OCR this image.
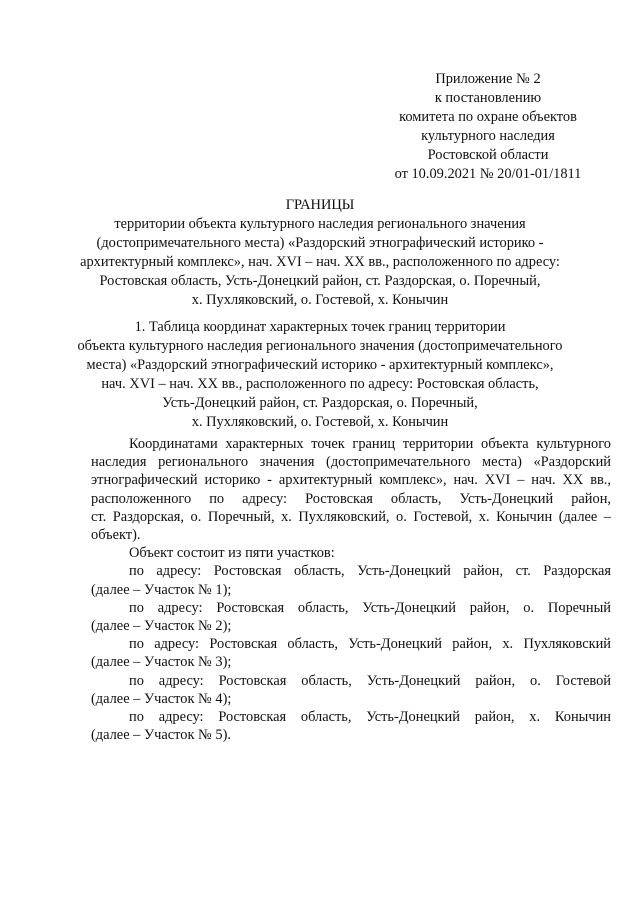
Приложение № 2
к постановлению
комитета по охране объектов
культурного наследия
Ростовской области
от 10.09.2021 № 20/01-01/1811
ГРАНИЦЫ
территории объекта культурного наследия регионального значения
(достопримечательного места) «Раздорский этнографический историко -
архитектурный комплекс», нач. XVI – нач. XX вв., расположенного по адресу:
Ростовская область, Усть-Донецкий район, ст. Раздорская, о. Поречный,
х. Пухляковский, о. Гостевой, х. Конычин
1. Таблица координат характерных точек границ территории
объекта культурного наследия регионального значения (достопримечательного
места) «Раздорский этнографический историко - архитектурный комплекс»,
нач. XVI – нач. XX вв., расположенного по адресу: Ростовская область,
Усть-Донецкий район, ст. Раздорская, о. Поречный,
х. Пухляковский, о. Гостевой, х. Конычин

Координатами характерных точек границ территории объекта культурного
наследия регионального значения (достопримечательного места) «Раздорский
этнографический историко - архитектурный комплекс», нач. XVI – нач. XX вв.,
расположенного по адресу: Ростовская область, Усть-Донецкий район,
ст. Раздорская, о. Поречный, х. Пухляковский, о. Гостевой, х. Конычин (далее –
объект).

Объект состоит из пяти участков:

по адресу: Ростовская область, Усть-Донецкий район, ст. Раздорская
(далее – Участок № 1);

по адресу: Ростовская область, Усть-Донецкий район, о. Поречный
(далее – Участок № 2);

по адресу: Ростовская область, Усть-Донецкий район, х. Пухляковский
(далее – Участок № 3);

по адресу: Ростовская область, Усть-Донецкий район, о. Гостевой
(далее – Участок № 4);

по адресу: Ростовская область, Усть-Донецкий район, х. Конычин
(далее – Участок № 5).
